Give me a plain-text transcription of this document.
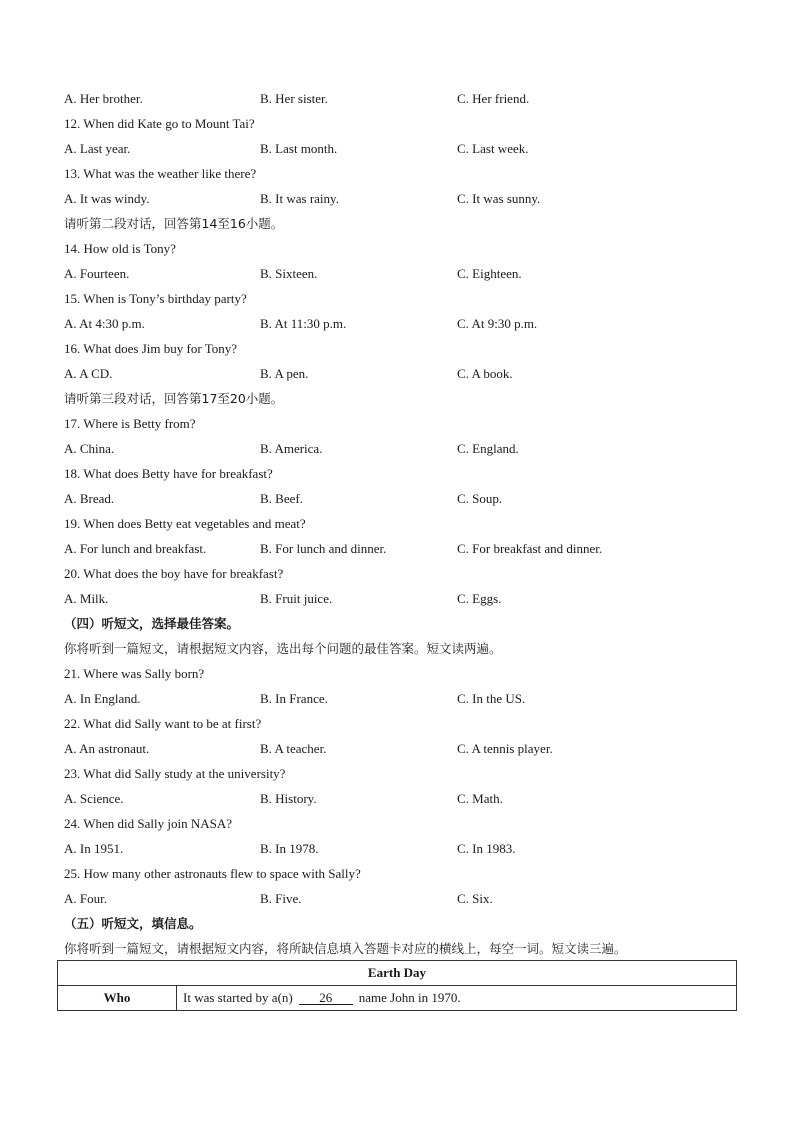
A. Her brother.	B. Her sister.	C. Her friend.
12. When did Kate go to Mount Tai?
A. Last year.	B. Last month.	C. Last week.
13. What was the weather like there?
A. It was windy.	B. It was rainy.	C. It was sunny.
请听第二段对话，回答第14至16小题。
14. How old is Tony?
A. Fourteen.	B. Sixteen.	C. Eighteen.
15. When is Tony’s birthday party?
A. At 4:30 p.m.	B. At 11:30 p.m.	C. At 9:30 p.m.
16. What does Jim buy for Tony?
A. A CD.	B. A pen.	C. A book.
请听第三段对话，回答第17至20小题。
17. Where is Betty from?
A. China.	B. America.	C. England.
18. What does Betty have for breakfast?
A. Bread.	B. Beef.	C. Soup.
19. When does Betty eat vegetables and meat?
A. For lunch and breakfast.	B. For lunch and dinner.	C. For breakfast and dinner.
20. What does the boy have for breakfast?
A. Milk.	B. Fruit juice.	C. Eggs.
（四）听短文，选择最佳答案。
你将听到一篇短文，请根据短文内容，选出每个问题的最佳答案。短文读两遍。
21. Where was Sally born?
A. In England.	B. In France.	C. In the US.
22. What did Sally want to be at first?
A. An astronaut.	B. A teacher.	C. A tennis player.
23. What did Sally study at the university?
A. Science.	B. History.	C. Math.
24. When did Sally join NASA?
A. In 1951.	B. In 1978.	C. In 1983.
25. How many other astronauts flew to space with Sally?
A. Four.	B. Five.	C. Six.
（五）听短文，填信息。
你将听到一篇短文，请根据短文内容，将所缺信息填入答题卡对应的横线上，每空一词。短文读三遍。
Earth Day
Who	It was started by a(n) 26 name John in 1970.
